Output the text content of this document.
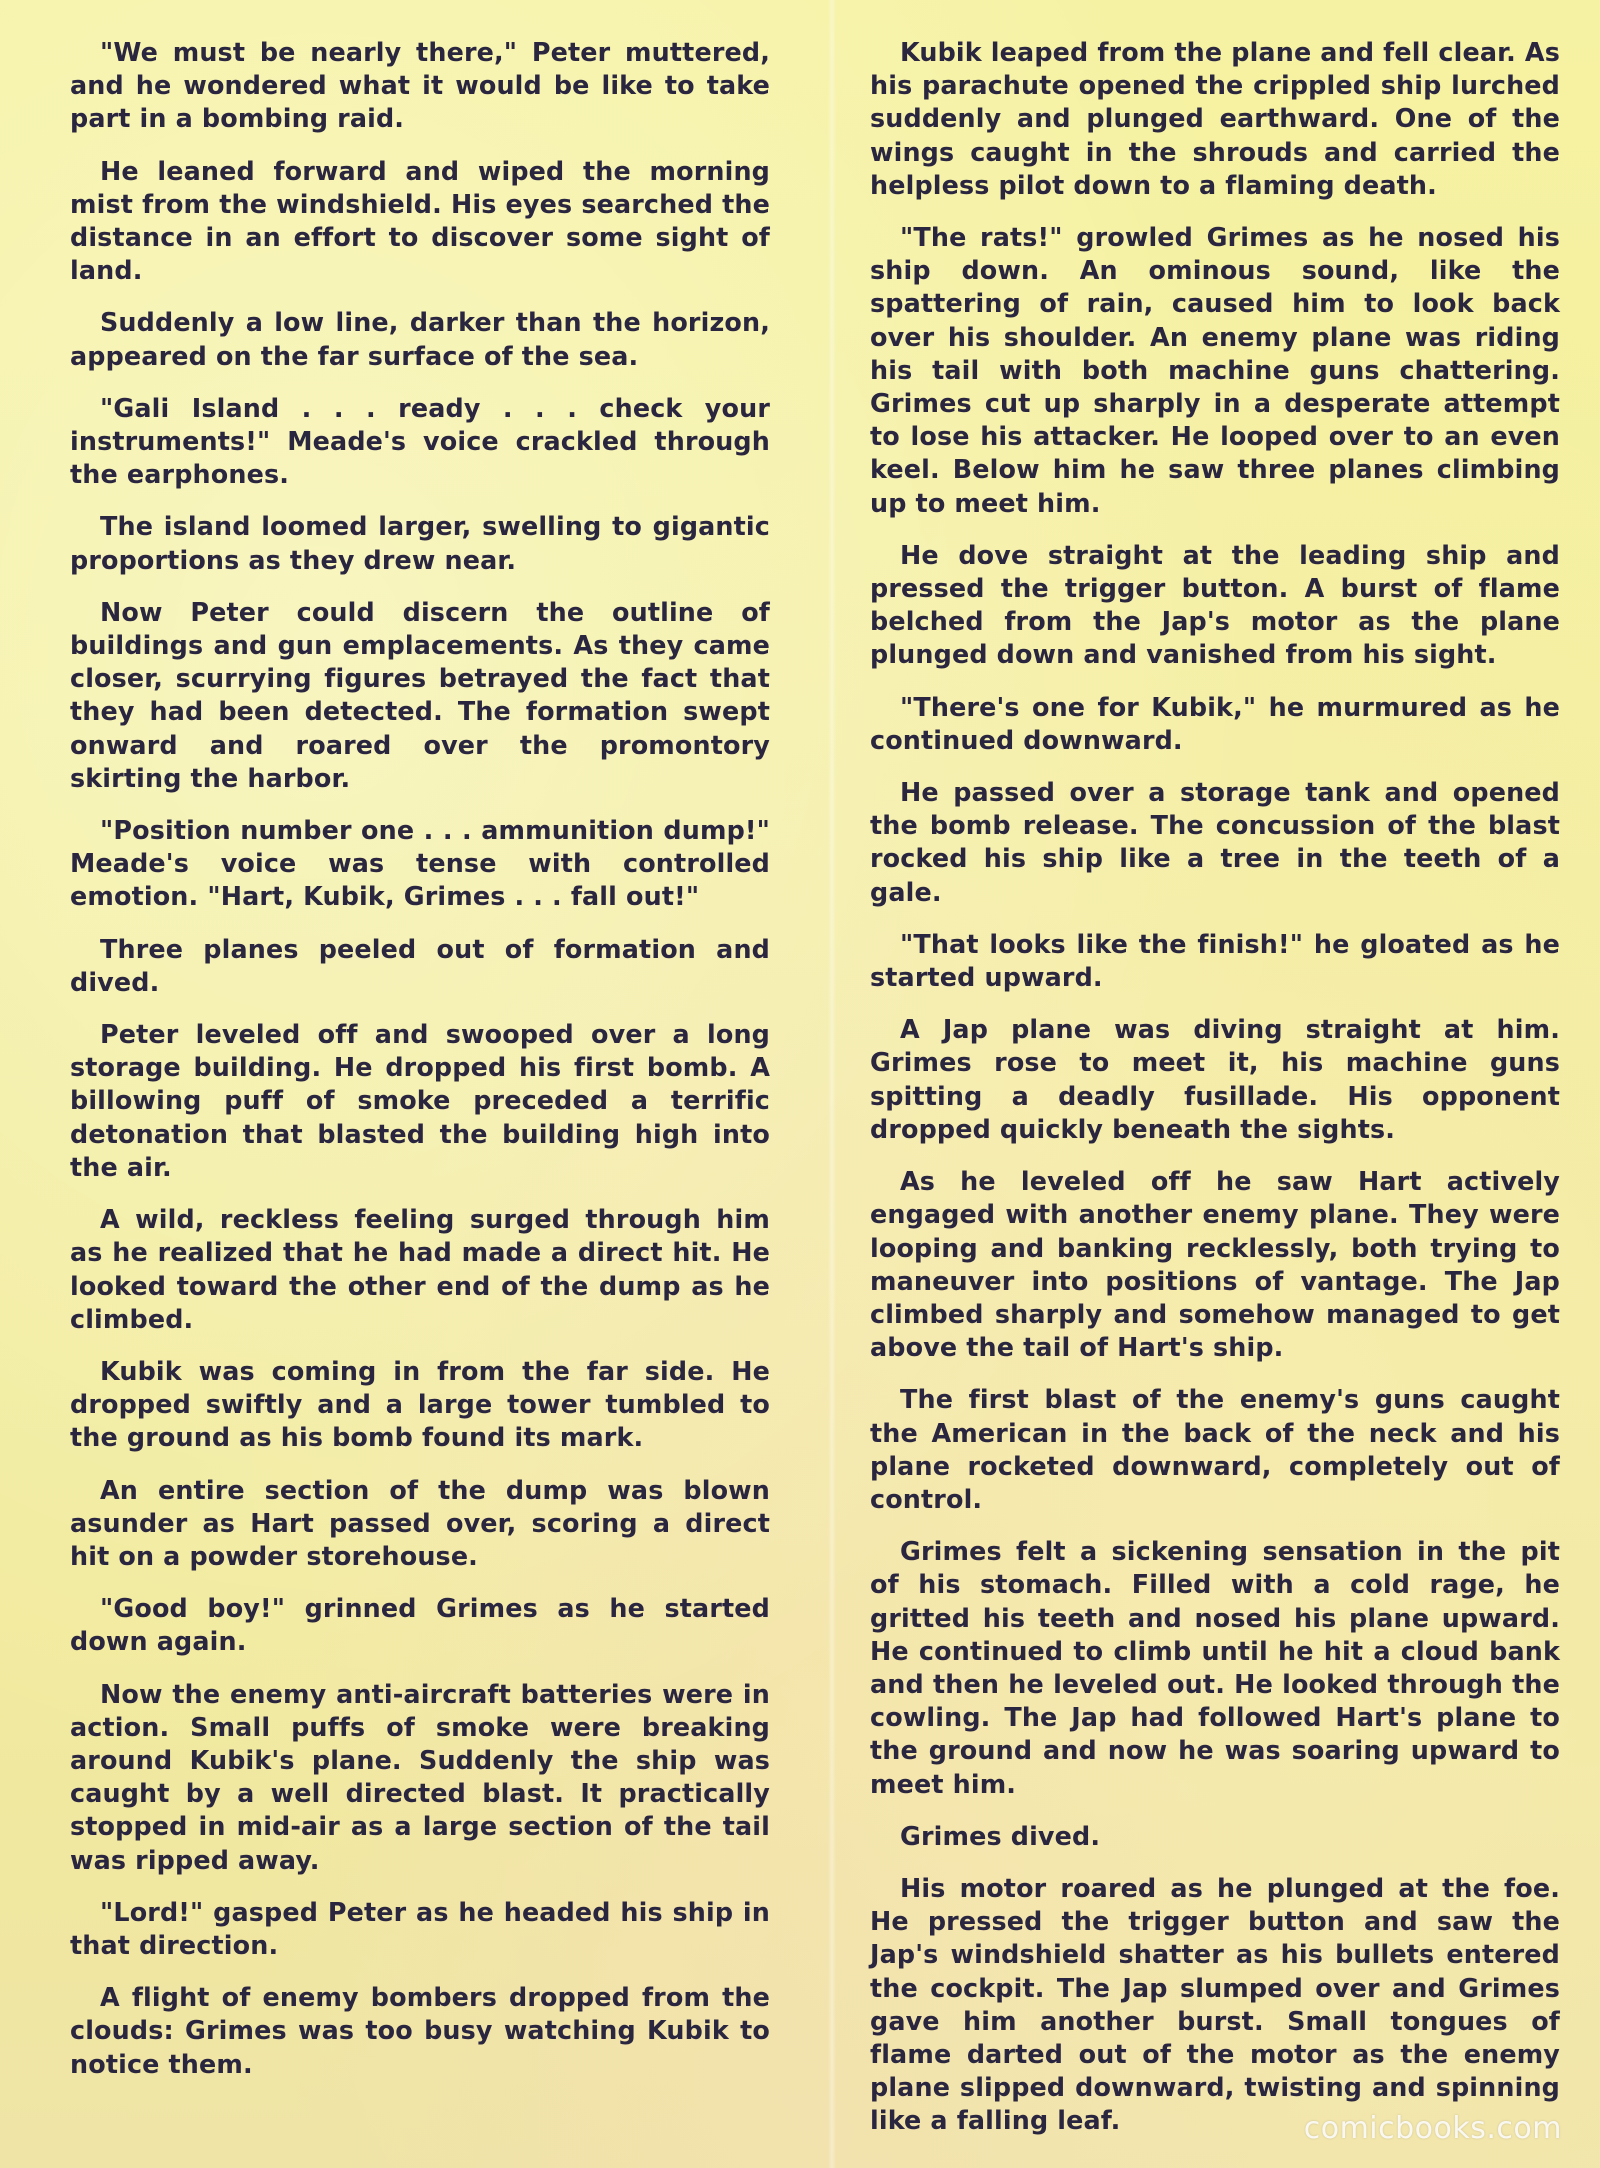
"We must be nearly there," Peter muttered, and he wondered what it would be like to take part in a bombing raid.

He leaned forward and wiped the morning mist from the windshield. His eyes searched the distance in an effort to discover some sight of land.

Suddenly a low line, darker than the horizon, appeared on the far surface of the sea.

"Gali Island . . . ready . . . check your instruments!" Meade's voice crackled through the earphones.

The island loomed larger, swelling to gigantic proportions as they drew near.

Now Peter could discern the outline of buildings and gun emplacements. As they came closer, scurrying figures betrayed the fact that they had been detected. The formation swept onward and roared over the promontory skirting the harbor.

"Position number one . . . ammunition dump!" Meade's voice was tense with controlled emotion. "Hart, Kubik, Grimes . . . fall out!"

Three planes peeled out of formation and dived.

Peter leveled off and swooped over a long storage building. He dropped his first bomb. A billowing puff of smoke preceded a terrific detonation that blasted the building high into the air.

A wild, reckless feeling surged through him as he realized that he had made a direct hit. He looked toward the other end of the dump as he climbed.

Kubik was coming in from the far side. He dropped swiftly and a large tower tumbled to the ground as his bomb found its mark.

An entire section of the dump was blown asunder as Hart passed over, scoring a direct hit on a powder storehouse.

"Good boy!" grinned Grimes as he started down again.

Now the enemy anti-aircraft batteries were in action. Small puffs of smoke were breaking around Kubik's plane. Suddenly the ship was caught by a well directed blast. It practically stopped in mid-air as a large section of the tail was ripped away.

"Lord!" gasped Peter as he headed his ship in that direction.

A flight of enemy bombers dropped from the clouds: Grimes was too busy watching Kubik to notice them.

Kubik leaped from the plane and fell clear. As his parachute opened the crippled ship lurched suddenly and plunged earthward. One of the wings caught in the shrouds and carried the helpless pilot down to a flaming death.

"The rats!" growled Grimes as he nosed his ship down. An ominous sound, like the spattering of rain, caused him to look back over his shoulder. An enemy plane was riding his tail with both machine guns chattering. Grimes cut up sharply in a desperate attempt to lose his attacker. He looped over to an even keel. Below him he saw three planes climbing up to meet him.

He dove straight at the leading ship and pressed the trigger button. A burst of flame belched from the Jap's motor as the plane plunged down and vanished from his sight.

"There's one for Kubik," he murmured as he continued downward.

He passed over a storage tank and opened the bomb release. The concussion of the blast rocked his ship like a tree in the teeth of a gale.

"That looks like the finish!" he gloated as he started upward.

A Jap plane was diving straight at him. Grimes rose to meet it, his machine guns spitting a deadly fusillade. His opponent dropped quickly beneath the sights.

As he leveled off he saw Hart actively engaged with another enemy plane. They were looping and banking recklessly, both trying to maneuver into positions of vantage. The Jap climbed sharply and somehow managed to get above the tail of Hart's ship.

The first blast of the enemy's guns caught the American in the back of the neck and his plane rocketed downward, completely out of control.

Grimes felt a sickening sensation in the pit of his stomach. Filled with a cold rage, he gritted his teeth and nosed his plane upward. He continued to climb until he hit a cloud bank and then he leveled out. He looked through the cowling. The Jap had followed Hart's plane to the ground and now he was soaring upward to meet him.

Grimes dived.

His motor roared as he plunged at the foe. He pressed the trigger button and saw the Jap's windshield shatter as his bullets entered the cockpit. The Jap slumped over and Grimes gave him another burst. Small tongues of flame darted out of the motor as the enemy plane slipped downward, twisting and spinning like a falling leaf.	comicbooks.com
